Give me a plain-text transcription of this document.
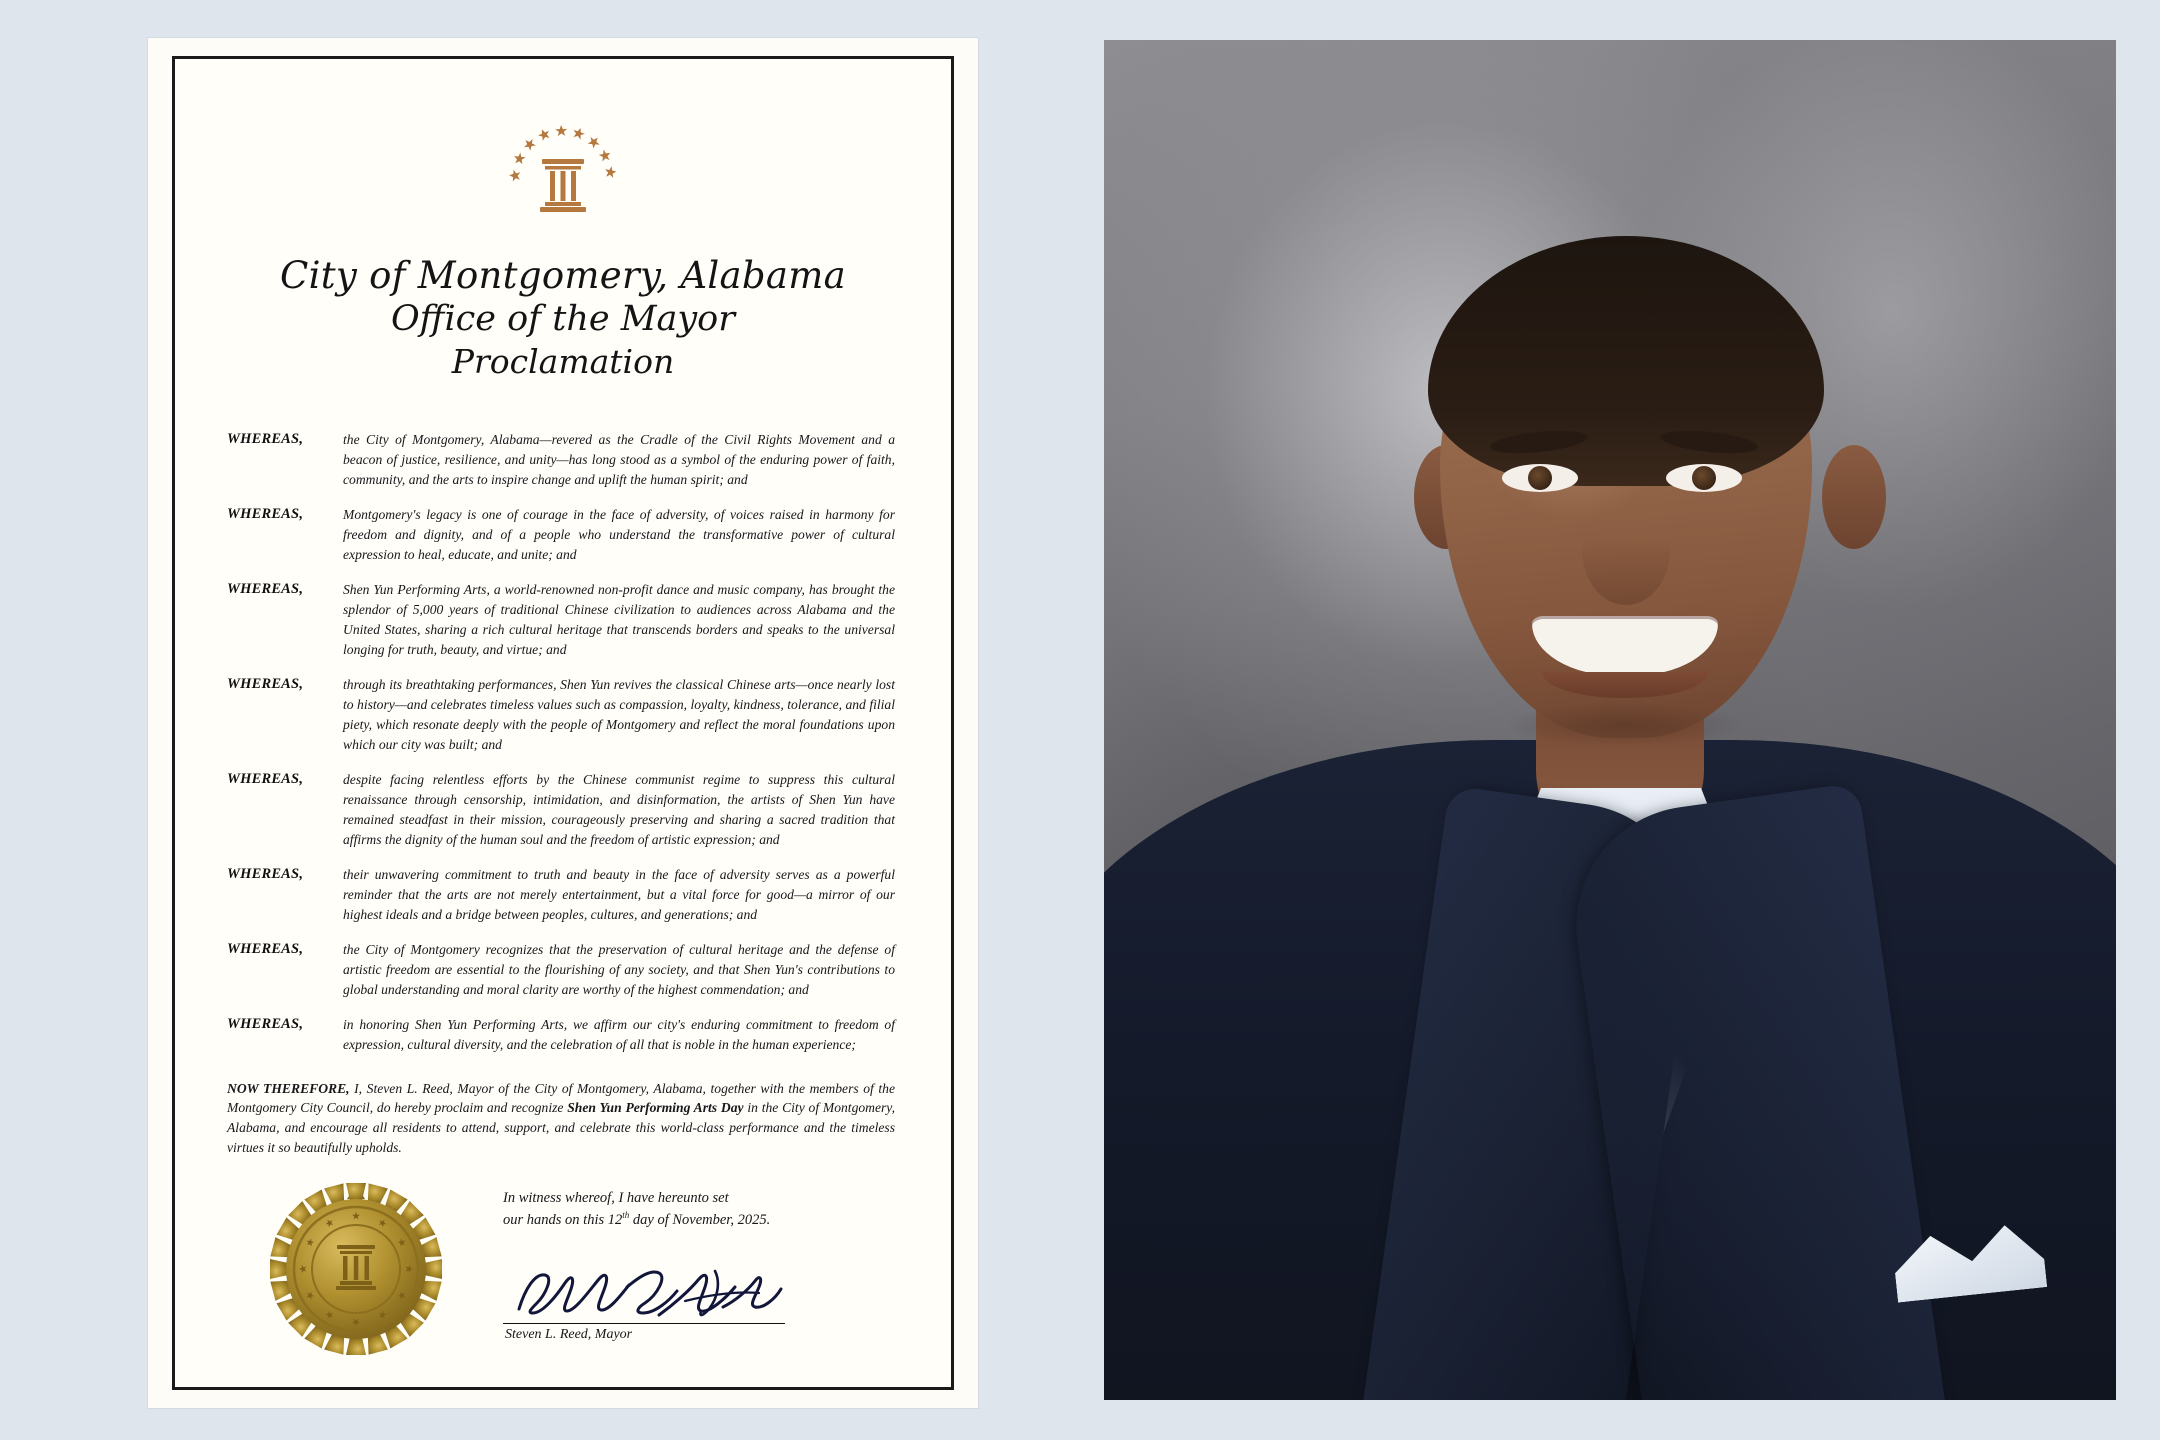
City of Montgomery, Alabama
Office of the Mayor
Proclamation
WHEREAS,	the City of Montgomery, Alabama—revered as the Cradle of the Civil Rights Movement and a beacon of justice, resilience, and unity—has long stood as a symbol of the enduring power of faith, community, and the arts to inspire change and uplift the human spirit; and
WHEREAS,	Montgomery's legacy is one of courage in the face of adversity, of voices raised in harmony for freedom and dignity, and of a people who understand the transformative power of cultural expression to heal, educate, and unite; and
WHEREAS,	Shen Yun Performing Arts, a world-renowned non-profit dance and music company, has brought the splendor of 5,000 years of traditional Chinese civilization to audiences across Alabama and the United States, sharing a rich cultural heritage that transcends borders and speaks to the universal longing for truth, beauty, and virtue; and
WHEREAS,	through its breathtaking performances, Shen Yun revives the classical Chinese arts—once nearly lost to history—and celebrates timeless values such as compassion, loyalty, kindness, tolerance, and filial piety, which resonate deeply with the people of Montgomery and reflect the moral foundations upon which our city was built; and
WHEREAS,	despite facing relentless efforts by the Chinese communist regime to suppress this cultural renaissance through censorship, intimidation, and disinformation, the artists of Shen Yun have remained steadfast in their mission, courageously preserving and sharing a sacred tradition that affirms the dignity of the human soul and the freedom of artistic expression; and
WHEREAS,	their unwavering commitment to truth and beauty in the face of adversity serves as a powerful reminder that the arts are not merely entertainment, but a vital force for good—a mirror of our highest ideals and a bridge between peoples, cultures, and generations; and
WHEREAS,	the City of Montgomery recognizes that the preservation of cultural heritage and the defense of artistic freedom are essential to the flourishing of any society, and that Shen Yun's contributions to global understanding and moral clarity are worthy of the highest commendation; and
WHEREAS,	in honoring Shen Yun Performing Arts, we affirm our city's enduring commitment to freedom of expression, cultural diversity, and the celebration of all that is noble in the human experience;
NOW THEREFORE, I, Steven L. Reed, Mayor of the City of Montgomery, Alabama, together with the members of the Montgomery City Council, do hereby proclaim and recognize Shen Yun Performing Arts Day in the City of Montgomery, Alabama, and encourage all residents to attend, support, and celebrate this world-class performance and the timeless virtues it so beautifully upholds.
In witness whereof, I have hereunto set
our hands on this 12th day of November, 2025.
Steven L. Reed, Mayor
